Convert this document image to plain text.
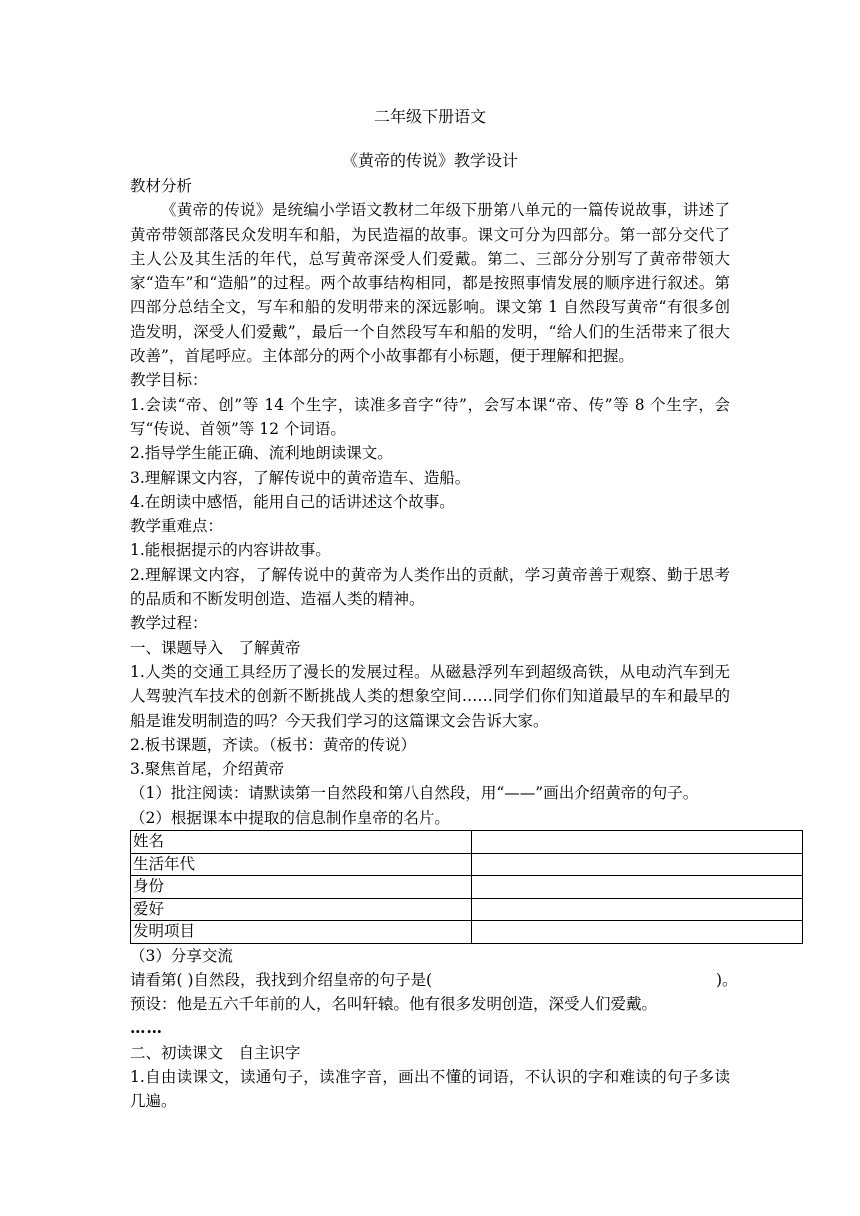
二年级下册语文
《黄帝的传说》教学设计

教材分析

《黄帝的传说》是统编小学语文教材二年级下册第八单元的一篇传说故事，讲述了黄帝带领部落民众发明车和船，为民造福的故事。课文可分为四部分。第一部分交代了主人公及其生活的年代，总写黄帝深受人们爱戴。第二、三部分分别写了黄帝带领大家“造车”和“造船”的过程。两个故事结构相同，都是按照事情发展的顺序进行叙述。第四部分总结全文，写车和船的发明带来的深远影响。课文第 1 自然段写黄帝“有很多创造发明，深受人们爱戴”，最后一个自然段写车和船的发明，“给人们的生活带来了很大改善”，首尾呼应。主体部分的两个小故事都有小标题，便于理解和把握。

教学目标：

1.会读“帝、创”等 14 个生字，读准多音字“待”，会写本课“帝、传”等 8 个生字，会写“传说、首领”等 12 个词语。

2.指导学生能正确、流利地朗读课文。

3.理解课文内容，了解传说中的黄帝造车、造船。

4.在朗读中感悟，能用自己的话讲述这个故事。

教学重难点：

1.能根据提示的内容讲故事。

2.理解课文内容，了解传说中的黄帝为人类作出的贡献，学习黄帝善于观察、勤于思考的品质和不断发明创造、造福人类的精神。

教学过程：

一、课题导入　了解黄帝

1.人类的交通工具经历了漫长的发展过程。从磁悬浮列车到超级高铁，从电动汽车到无人驾驶汽车技术的创新不断挑战人类的想象空间……同学们你们知道最早的车和最早的船是谁发明制造的吗？今天我们学习的这篇课文会告诉大家。

2.板书课题，齐读。（板书：黄帝的传说）

3.聚焦首尾，介绍黄帝

（1）批注阅读：请默读第一自然段和第八自然段，用“——”画出介绍黄帝的句子。

（2）根据课本中提取的信息制作皇帝的名片。

姓名	
生活年代	
身份	
爱好	
发明项目	

（3）分享交流

请看第( )自然段，我找到介绍皇帝的句子是(	)。

预设：他是五六千年前的人，名叫轩辕。他有很多发明创造，深受人们爱戴。

……

二、初读课文　自主识字

1.自由读课文，读通句子，读准字音，画出不懂的词语，不认识的字和难读的句子多读几遍。
